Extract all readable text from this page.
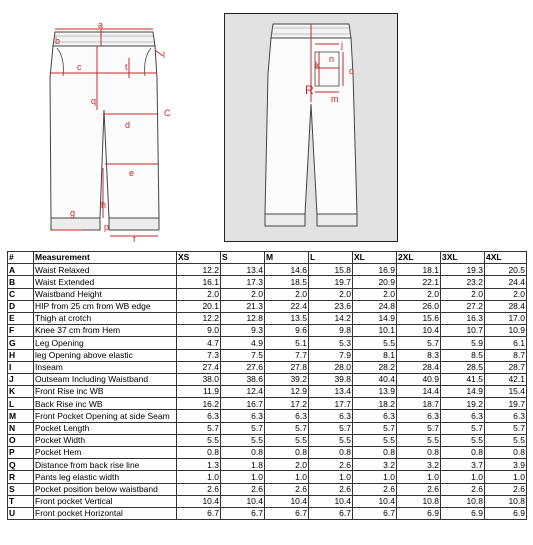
a
b
c	t
l
q
C
d
e
h
g
p
f
j
k
n
o
R
m
#	Measurement	XS	S	M	L	XL	2XL	3XL	4XL
A	Waist Relaxed	12.2	13.4	14.6	15.8	16.9	18.1	19.3	20.5
B	Waist Extended	16.1	17.3	18.5	19.7	20.9	22.1	23.2	24.4
C	Waistband Height	2.0	2.0	2.0	2.0	2.0	2.0	2.0	2.0
D	HIP from 25 cm from WB edge	20.1	21.3	22.4	23.6	24.8	26.0	27.2	28.4
E	Thigh at crotch	12.2	12.8	13.5	14.2	14.9	15.6	16.3	17.0
F	Knee 37 cm from Hem	9.0	9.3	9.6	9.8	10.1	10.4	10.7	10.9
G	Leg Opening	4.7	4.9	5.1	5.3	5.5	5.7	5.9	6.1
H	leg Opening above elastic	7.3	7.5	7.7	7.9	8.1	8.3	8.5	8.7
I	Inseam	27.4	27.6	27.8	28.0	28.2	28.4	28.5	28.7
J	Outseam Including Waistband	38.0	38.6	39.2	39.8	40.4	40.9	41.5	42.1
K	Front Rise inc WB	11.9	12.4	12.9	13.4	13.9	14.4	14.9	15.4
L	Back Rise inc WB	16.2	16.7	17.2	17.7	18.2	18.7	19.2	19.7
M	Front Pocket Opening at side Seam	6.3	6.3	6.3	6.3	6.3	6.3	6.3	6.3
N	Pocket Length	5.7	5.7	5.7	5.7	5.7	5.7	5.7	5.7
O	Pocket Width	5.5	5.5	5.5	5.5	5.5	5.5	5.5	5.5
P	Pocket Hem	0.8	0.8	0.8	0.8	0.8	0.8	0.8	0.8
Q	Distance from back rise line	1.3	1.8	2.0	2.6	3.2	3.2	3.7	3.9
R	Pants leg elastic width	1.0	1.0	1.0	1.0	1.0	1.0	1.0	1.0
S	Pocket position below waistband	2.6	2.6	2.6	2.6	2.6	2.6	2.6	2.6
T	Front pocket Vertical	10.4	10.4	10.4	10.4	10.4	10.8	10.8	10.8
U	Front pocket Horizontal	6.7	6.7	6.7	6.7	6.7	6.9	6.9	6.9
